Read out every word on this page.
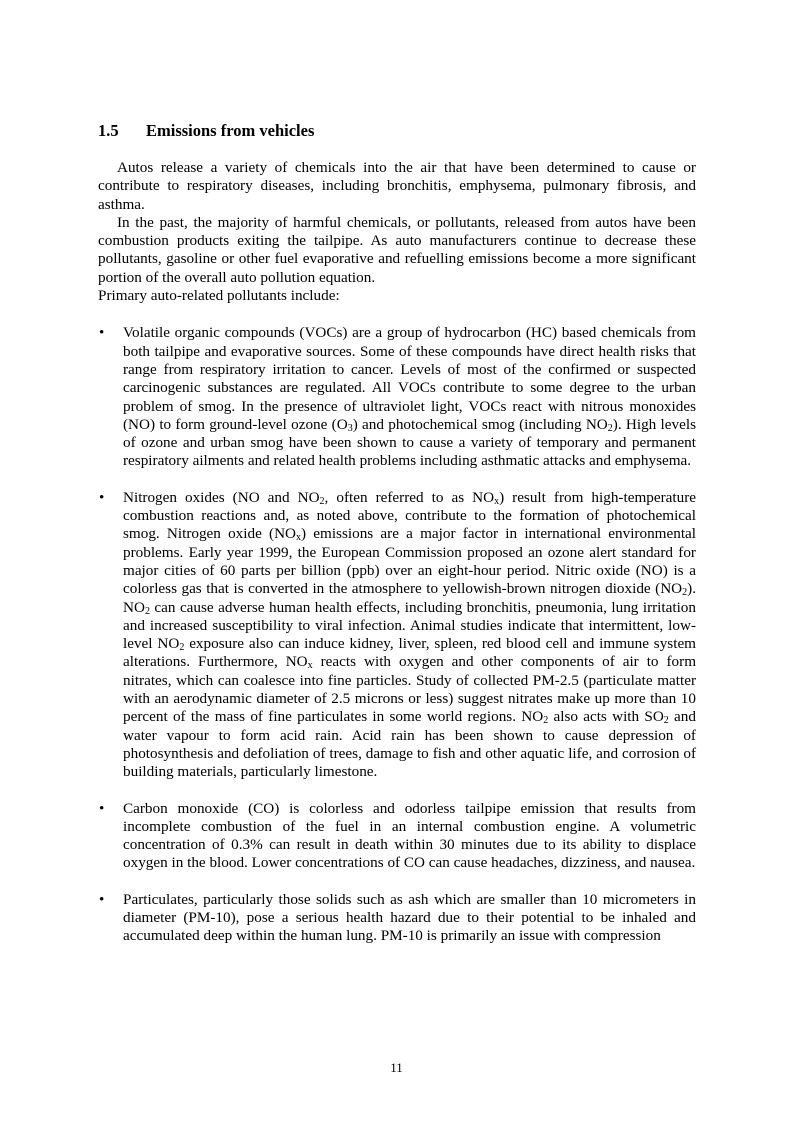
1.5 Emissions from vehicles

Autos release a variety of chemicals into the air that have been determined to cause or contribute to respiratory diseases, including bronchitis, emphysema, pulmonary fibrosis, and asthma.

In the past, the majority of harmful chemicals, or pollutants, released from autos have been combustion products exiting the tailpipe. As auto manufacturers continue to decrease these pollutants, gasoline or other fuel evaporative and refuelling emissions become a more significant portion of the overall auto pollution equation.

Primary auto-related pollutants include:

• Volatile organic compounds (VOCs) are a group of hydrocarbon (HC) based chemicals from both tailpipe and evaporative sources. Some of these compounds have direct health risks that range from respiratory irritation to cancer. Levels of most of the confirmed or suspected carcinogenic substances are regulated. All VOCs contribute to some degree to the urban problem of smog. In the presence of ultraviolet light, VOCs react with nitrous monoxides (NO) to form ground-level ozone $(O_3)$ and photochemical smog (including $NO_2$). High levels of ozone and urban smog have been shown to cause a variety of temporary and permanent respiratory ailments and related health problems including asthmatic attacks and emphysema.
• Nitrogen oxides (NO and $NO_2$, often referred to as $NO_x$) result from high-temperature combustion reactions and, as noted above, contribute to the formation of photochemical smog. Nitrogen oxide $(NO_x)$ emissions are a major factor in international environmental problems. Early year 1999, the European Commission proposed an ozone alert standard for major cities of 60 parts per billion (ppb) over an eight-hour period. Nitric oxide (NO) is a colorless gas that is converted in the atmosphere to yellowish-brown nitrogen dioxide $(NO_2)$. $NO_2$ can cause adverse human health effects, including bronchitis, pneumonia, lung irritation and increased susceptibility to viral infection. Animal studies indicate that intermittent, low-level $NO_2$ exposure also can induce kidney, liver, spleen, red blood cell and immune system alterations. Furthermore, $NO_x$ reacts with oxygen and other components of air to form nitrates, which can coalesce into fine particles. Study of collected PM-2.5 (particulate matter with an aerodynamic diameter of 2.5 microns or less) suggest nitrates make up more than 10 percent of the mass of fine particulates in some world regions. $NO_2$ also acts with $SO_2$ and water vapour to form acid rain. Acid rain has been shown to cause depression of photosynthesis and defoliation of trees, damage to fish and other aquatic life, and corrosion of building materials, particularly limestone.
• Carbon monoxide (CO) is colorless and odorless tailpipe emission that results from incomplete combustion of the fuel in an internal combustion engine. A volumetric concentration of 0.3% can result in death within 30 minutes due to its ability to displace oxygen in the blood. Lower concentrations of CO can cause headaches, dizziness, and nausea.
• Particulates, particularly those solids such as ash which are smaller than 10 micrometers in diameter (PM-10), pose a serious health hazard due to their potential to be inhaled and accumulated deep within the human lung. PM-10 is primarily an issue with compression
11
